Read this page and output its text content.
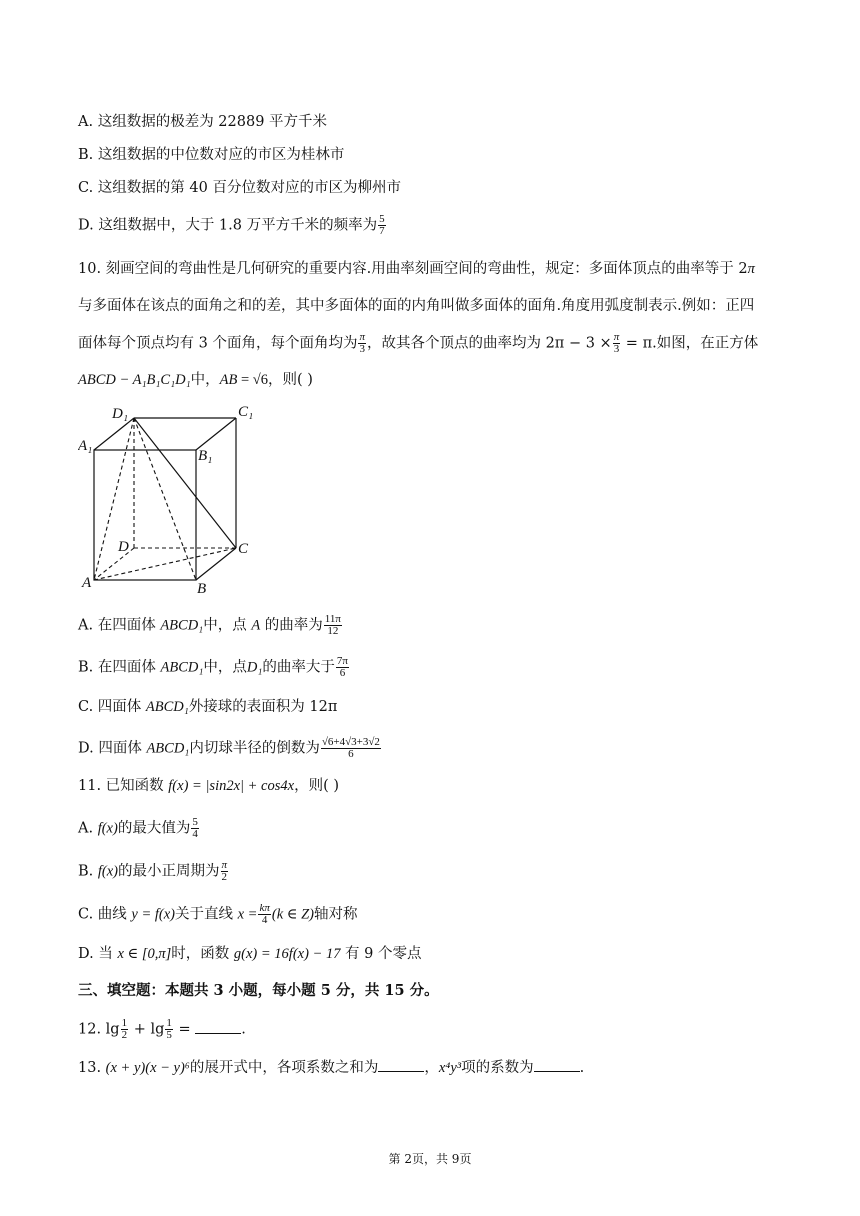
A. 这组数据的极差为 22889 平方千米
B. 这组数据的中位数对应的市区为桂林市
C. 这组数据的第 40 百分位数对应的市区为柳州市
D. 这组数据中，大于 1.8 万平方千米的频率为 $\frac{5}{7}$
10. 刻画空间的弯曲性是几何研究的重要内容.用曲率刻画空间的弯曲性，规定：多面体顶点的曲率等于 2π
与多面体在该点的面角之和的差，其中多面体的面的内角叫做多面体的面角.角度用弧度制表示.例如：正四
面体每个顶点均有 3 个面角，每个面角均为 $\frac{\pi}{3}$ ，故其各个顶点的曲率均为 $2\pi - 3 \times \frac{\pi}{3} = \pi$.如图，在正方体
ABCD − A₁B₁C₁D₁中，AB = √6，则( )
D₁	C₁
A₁
B₁
D	C
A	B
A. 在四面体 ABCD₁中，点 A 的曲率为 $\frac{11\pi}{12}$
B. 在四面体 ABCD₁中，点D₁的曲率大于 $\frac{7\pi}{6}$
C. 四面体 ABCD₁外接球的表面积为 12π
D. 四面体 ABCD₁内切球半径的倒数为 $\frac{√6+4√3+3√2}{6}$
11. 已知函数 f(x) = |sin2x| + cos4x，则( )
A. f(x)的最大值为 $\frac{5}{4}$
B. f(x)的最小正周期为 $\frac{\pi}{2}$
C. 曲线 y = f(x)关于直线 $x = \frac{k\pi}{4} (k$ ∈ Z)轴对称
D. 当 x ∈ [0,π]时，函数 g(x) = 16f(x) − 17 有 9 个零点
三、填空题：本题共 3 小题，每小题 5 分，共 15 分。
12. $\lg \frac{1}{2} + \lg \frac{1}{5}$ =	.
13. (x + y)(x − y)⁶的展开式中，各项系数之和为	，x⁴y³项的系数为	.
第 2页，共 9页
